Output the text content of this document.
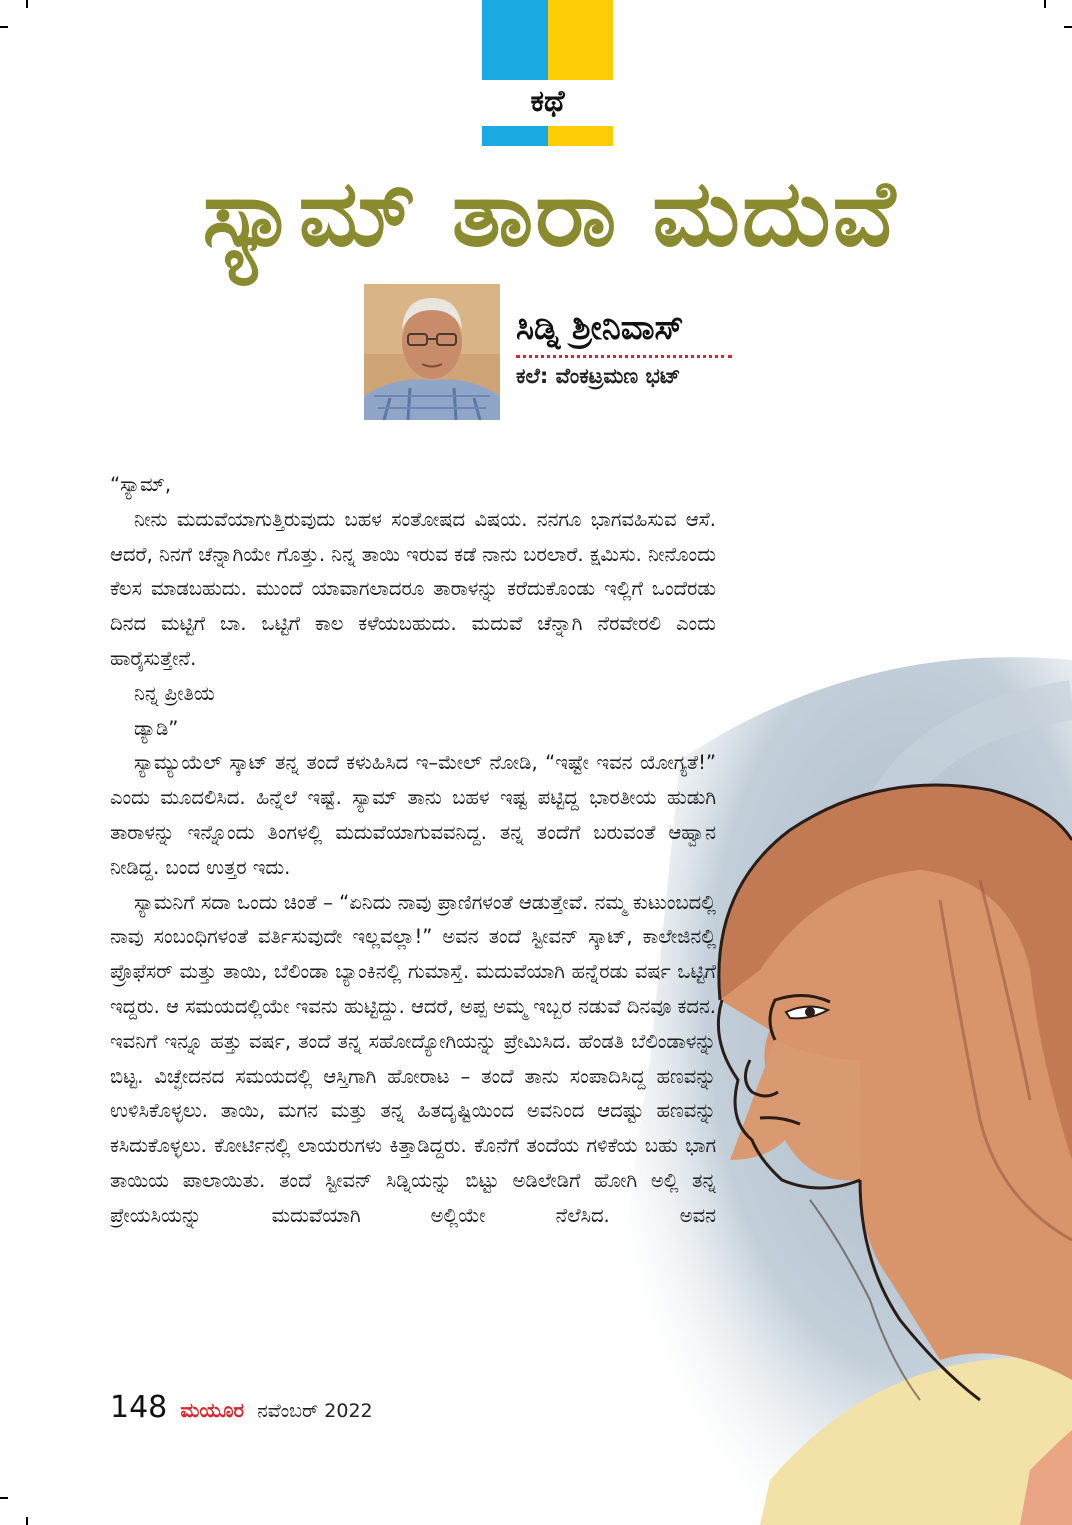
ಕಥೆ
ಸ್ಯಾಮ್ ತಾರಾ ಮದುವೆ
ಸಿಡ್ನಿ ಶ್ರೀನಿವಾಸ್
ಕಲೆ: ವೆಂಕಟ್ರಮಣ ಭಟ್

“ಸ್ಯಾಮ್,

ನೀನು ಮದುವೆಯಾಗುತ್ತಿರುವುದು ಬಹಳ ಸಂತೋಷದ ವಿಷಯ. ನನಗೂ ಭಾಗವಹಿಸುವ ಆಸೆ. ಆದರೆ, ನಿನಗೆ ಚೆನ್ನಾಗಿಯೇ ಗೊತ್ತು. ನಿನ್ನ ತಾಯಿ ಇರುವ ಕಡೆ ನಾನು ಬರಲಾರೆ. ಕ್ಷಮಿಸು. ನೀನೊಂದು ಕೆಲಸ ಮಾಡಬಹುದು. ಮುಂದೆ ಯಾವಾಗಲಾದರೂ ತಾರಾಳನ್ನು ಕರೆದುಕೊಂಡು ಇಲ್ಲಿಗೆ ಒಂದೆರಡು ದಿನದ ಮಟ್ಟಿಗೆ ಬಾ. ಒಟ್ಟಿಗೆ ಕಾಲ ಕಳೆಯಬಹುದು. ಮದುವೆ ಚೆನ್ನಾಗಿ ನೆರವೇರಲಿ ಎಂದು ಹಾರೈಸುತ್ತೇನೆ.

ನಿನ್ನ ಪ್ರೀತಿಯ

ಡ್ಯಾಡಿ”

ಸ್ಯಾಮ್ಯುಯೆಲ್ ಸ್ಕಾಟ್ ತನ್ನ ತಂದೆ ಕಳುಹಿಸಿದ ಇ–ಮೇಲ್ ನೋಡಿ, “ಇಷ್ಟೇ ಇವನ ಯೋಗ್ಯತೆ!” ಎಂದು ಮೂದಲಿಸಿದ. ಹಿನ್ನೆಲೆ ಇಷ್ಟೆ. ಸ್ಯಾಮ್ ತಾನು ಬಹಳ ಇಷ್ಟ ಪಟ್ಟಿದ್ದ ಭಾರತೀಯ ಹುಡುಗಿ ತಾರಾಳನ್ನು ಇನ್ನೊಂದು ತಿಂಗಳಲ್ಲಿ ಮದುವೆಯಾಗುವವನಿದ್ದ. ತನ್ನ ತಂದೆಗೆ ಬರುವಂತೆ ಆಹ್ವಾನ ನೀಡಿದ್ದ. ಬಂದ ಉತ್ತರ ಇದು.

ಸ್ಯಾಮನಿಗೆ ಸದಾ ಒಂದು ಚಿಂತೆ – “ಏನಿದು ನಾವು ಪ್ರಾಣಿಗಳಂತೆ ಆಡುತ್ತೇವೆ. ನಮ್ಮ ಕುಟುಂಬದಲ್ಲಿ ನಾವು ಸಂಬಂಧಿಗಳಂತೆ ವರ್ತಿಸುವುದೇ ಇಲ್ಲವಲ್ಲಾ!” ಅವನ ತಂದೆ ಸ್ಟೀವನ್ ಸ್ಕಾಟ್, ಕಾಲೇಜಿನಲ್ಲಿ ಪ್ರೊಫೆಸರ್ ಮತ್ತು ತಾಯಿ, ಬೆಲಿಂಡಾ ಬ್ಯಾಂಕಿನಲ್ಲಿ ಗುಮಾಸ್ತೆ. ಮದುವೆಯಾಗಿ ಹನ್ನೆರಡು ವರ್ಷ ಒಟ್ಟಿಗೆ ಇದ್ದರು. ಆ ಸಮಯದಲ್ಲಿಯೇ ಇವನು ಹುಟ್ಟಿದ್ದು. ಆದರೆ, ಅಪ್ಪ ಅಮ್ಮ ಇಬ್ಬರ ನಡುವೆ ದಿನವೂ ಕದನ. ಇವನಿಗೆ ಇನ್ನೂ ಹತ್ತು ವರ್ಷ, ತಂದೆ ತನ್ನ ಸಹೋದ್ಯೋಗಿಯನ್ನು ಪ್ರೇಮಿಸಿದ. ಹೆಂಡತಿ ಬೆಲಿಂಡಾಳನ್ನು ಬಿಟ್ಟ. ವಿಚ್ಛೇದನದ ಸಮಯದಲ್ಲಿ ಆಸ್ತಿಗಾಗಿ ಹೋರಾಟ – ತಂದೆ ತಾನು ಸಂಪಾದಿಸಿದ್ದ ಹಣವನ್ನು ಉಳಿಸಿಕೊಳ್ಳಲು. ತಾಯಿ, ಮಗನ ಮತ್ತು ತನ್ನ ಹಿತದೃಷ್ಟಿಯಿಂದ ಅವನಿಂದ ಆದಷ್ಟು ಹಣವನ್ನು ಕಸಿದುಕೊಳ್ಳಲು. ಕೋರ್ಟಿನಲ್ಲಿ ಲಾಯರುಗಳು ಕಿತ್ತಾಡಿದ್ದರು. ಕೊನೆಗೆ ತಂದೆಯ ಗಳಿಕೆಯ ಬಹು ಭಾಗ ತಾಯಿಯ ಪಾಲಾಯಿತು. ತಂದೆ ಸ್ಟೀವನ್ ಸಿಡ್ನಿಯನ್ನು ಬಿಟ್ಟು ಅಡಿಲೇಡಿಗೆ ಹೋಗಿ ಅಲ್ಲಿ ತನ್ನ ಪ್ರೇಯಸಿಯನ್ನು ಮದುವೆಯಾಗಿ ಅಲ್ಲಿಯೇ ನೆಲೆಸಿದ. ಅವನ

148 ಮಯೂರ ನವೆಂಬರ್ 2022
